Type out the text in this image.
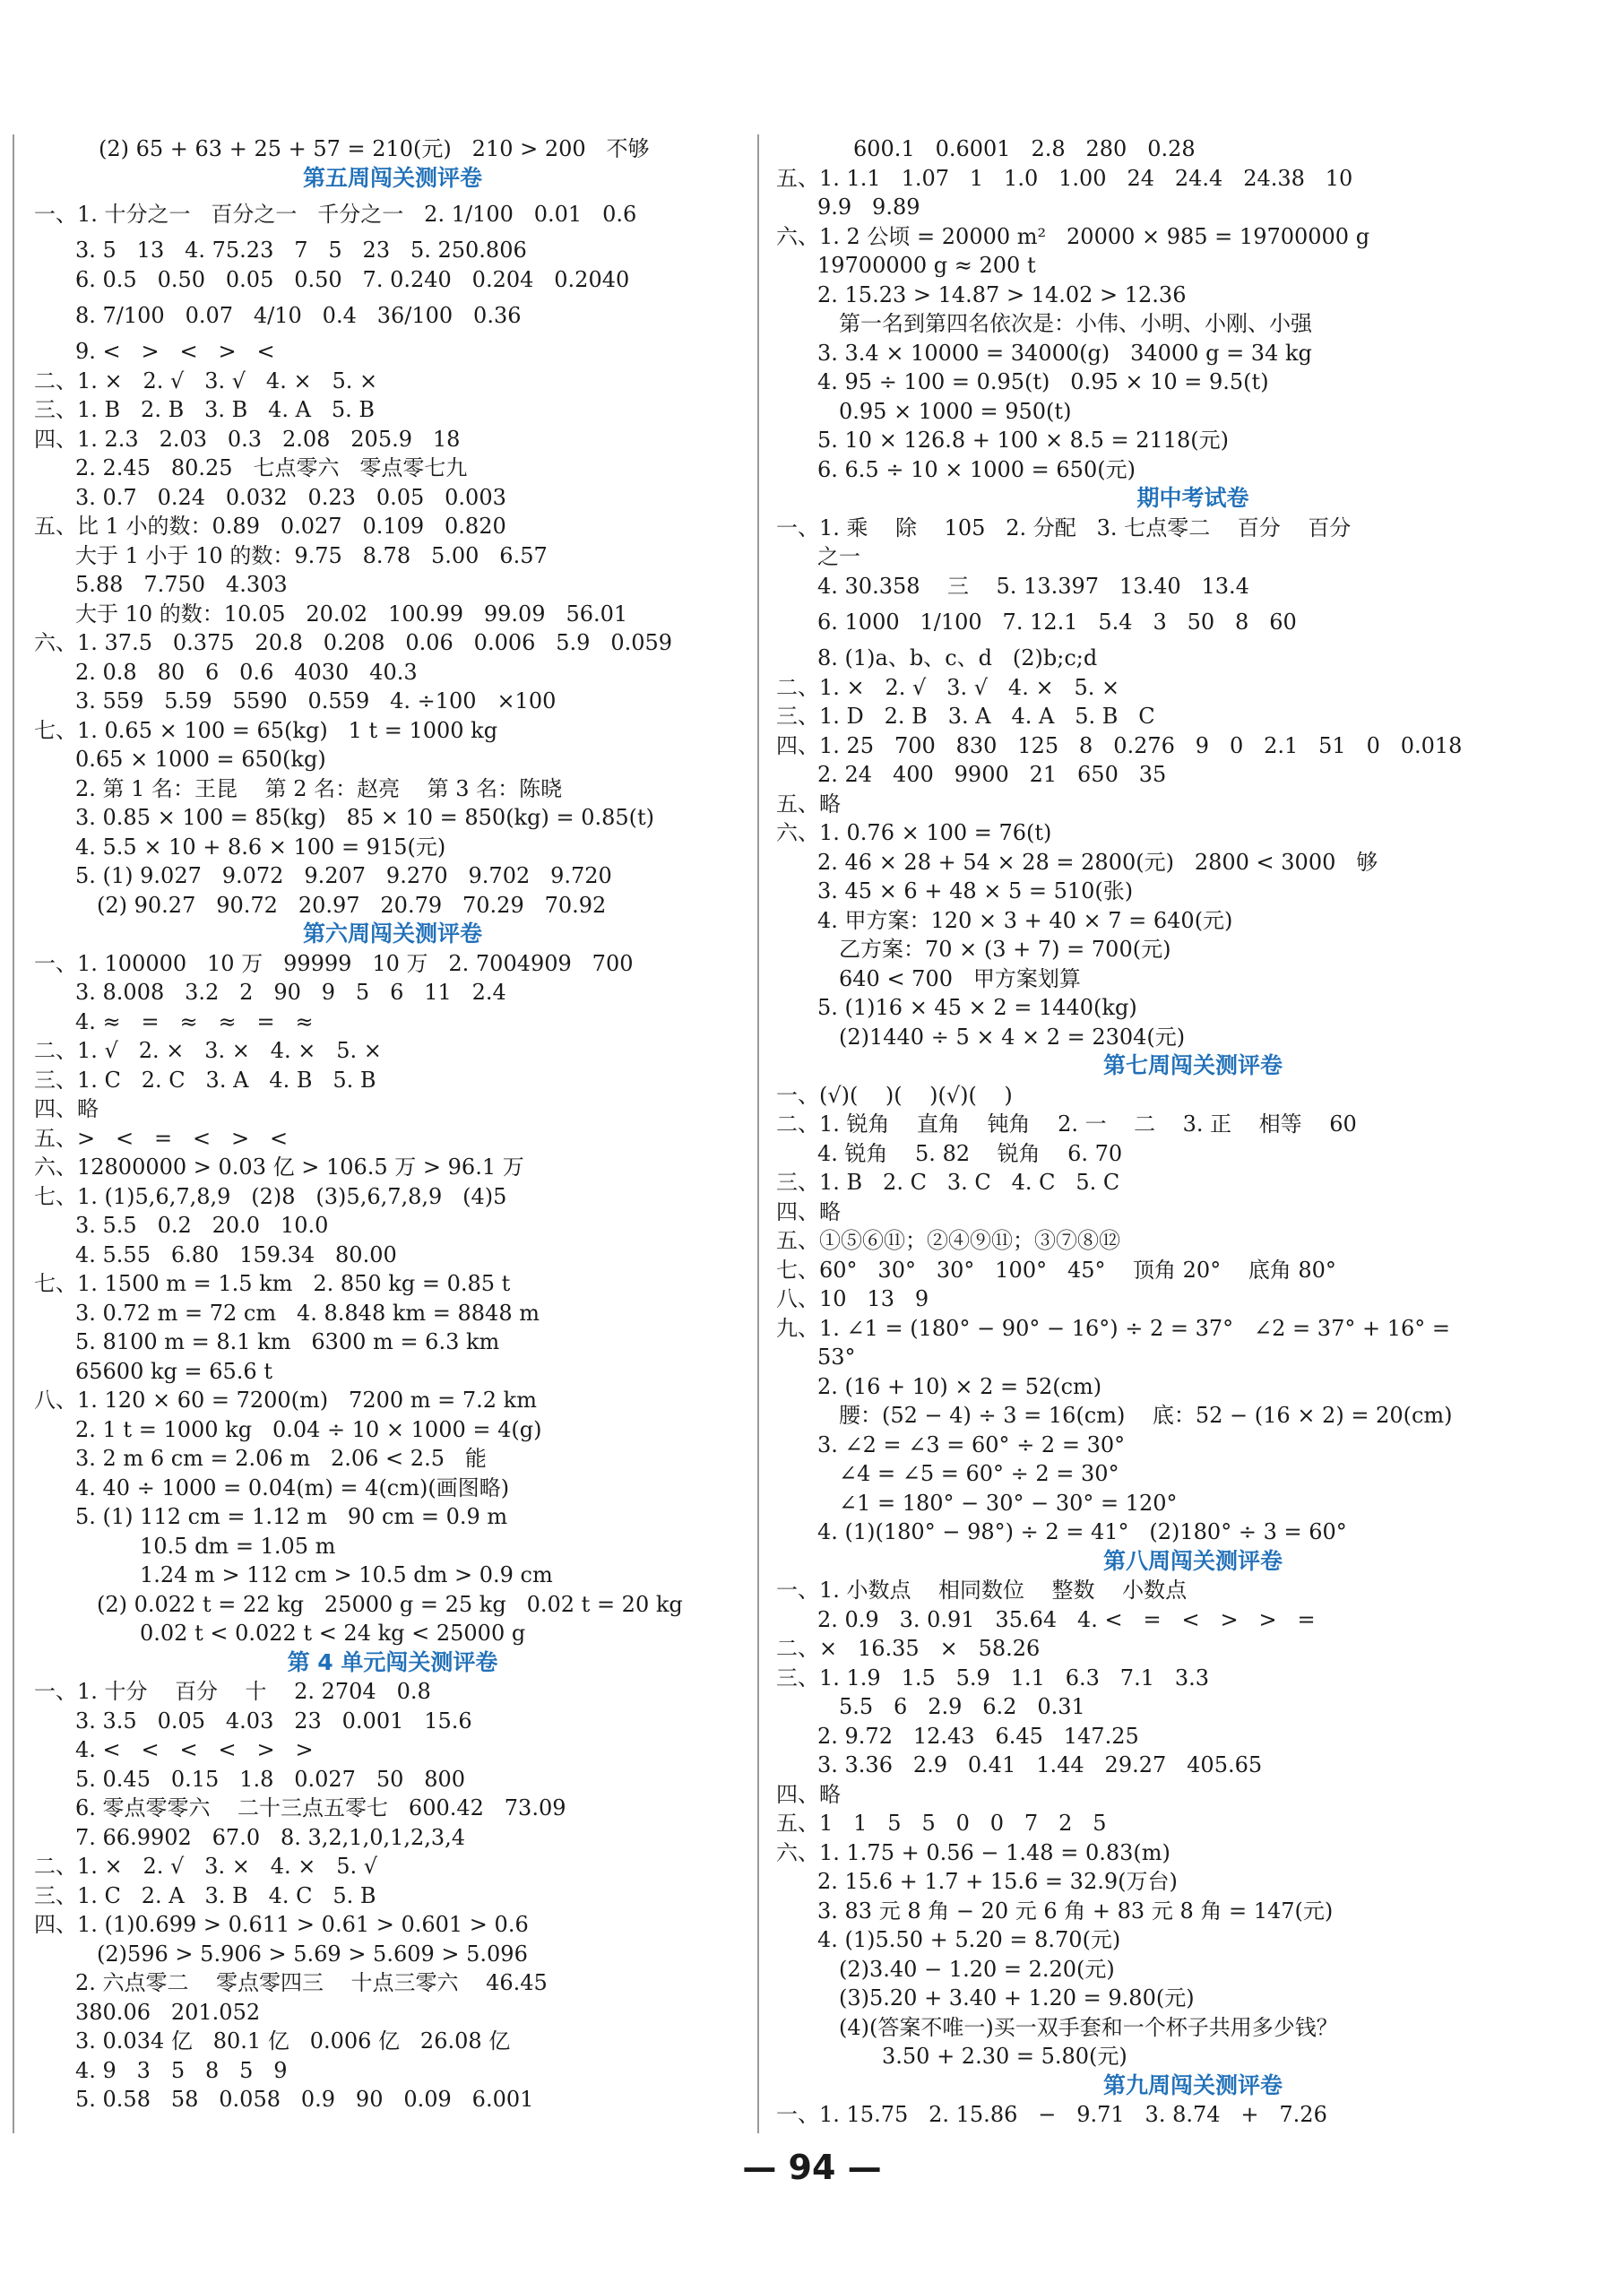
(2) 65 + 63 + 25 + 57 = 210(元)   210 > 200   不够
第五周闯关测评卷
一、1. 十分之一   百分之一   千分之一   2. 1/100   0.01   0.6
3. 5   13   4. 75.23   7   5   23   5. 250.806
6. 0.5   0.50   0.05   0.50   7. 0.240   0.204   0.2040
8. 7/100   0.07   4/10   0.4   36/100   0.36
9. <   >   <   >   <
二、1. ×   2. √   3. √   4. ×   5. ×
三、1. B   2. B   3. B   4. A   5. B
四、1. 2.3   2.03   0.3   2.08   205.9   18
2. 2.45   80.25   七点零六   零点零七九
3. 0.7   0.24   0.032   0.23   0.05   0.003
五、比 1 小的数：0.89   0.027   0.109   0.820
大于 1 小于 10 的数：9.75   8.78   5.00   6.57
5.88   7.750   4.303
大于 10 的数：10.05   20.02   100.99   99.09   56.01
六、1. 37.5   0.375   20.8   0.208   0.06   0.006   5.9   0.059
2. 0.8   80   6   0.6   4030   40.3
3. 559   5.59   5590   0.559   4. ÷100   ×100
七、1. 0.65 × 100 = 65(kg)   1 t = 1000 kg
0.65 × 1000 = 650(kg)
2. 第 1 名：王昆    第 2 名：赵亮    第 3 名：陈晓
3. 0.85 × 100 = 85(kg)   85 × 10 = 850(kg) = 0.85(t)
4. 5.5 × 10 + 8.6 × 100 = 915(元)
5. (1) 9.027   9.072   9.207   9.270   9.702   9.720
(2) 90.27   90.72   20.97   20.79   70.29   70.92
第六周闯关测评卷
一、1. 100000   10 万   99999   10 万   2. 7004909   700
3. 8.008   3.2   2   90   9   5   6   11   2.4
4. ≈   =   ≈   ≈   =   ≈
二、1. √   2. ×   3. ×   4. ×   5. ×
三、1. C   2. C   3. A   4. B   5. B
四、略
五、>   <   =   <   >   <
六、12800000 > 0.03 亿 > 106.5 万 > 96.1 万
七、1. (1)5,6,7,8,9   (2)8   (3)5,6,7,8,9   (4)5
3. 5.5   0.2   20.0   10.0
4. 5.55   6.80   159.34   80.00
七、1. 1500 m = 1.5 km   2. 850 kg = 0.85 t
3. 0.72 m = 72 cm   4. 8.848 km = 8848 m
5. 8100 m = 8.1 km   6300 m = 6.3 km
65600 kg = 65.6 t
八、1. 120 × 60 = 7200(m)   7200 m = 7.2 km
2. 1 t = 1000 kg   0.04 ÷ 10 × 1000 = 4(g)
3. 2 m 6 cm = 2.06 m   2.06 < 2.5   能
4. 40 ÷ 1000 = 0.04(m) = 4(cm)(画图略)
5. (1) 112 cm = 1.12 m   90 cm = 0.9 m
10.5 dm = 1.05 m
1.24 m > 112 cm > 10.5 dm > 0.9 cm
(2) 0.022 t = 22 kg   25000 g = 25 kg   0.02 t = 20 kg
0.02 t < 0.022 t < 24 kg < 25000 g
第 4 单元闯关测评卷
一、1. 十分    百分    十    2. 2704   0.8
3. 3.5   0.05   4.03   23   0.001   15.6
4. <   <   <   <   >   >
5. 0.45   0.15   1.8   0.027   50   800
6. 零点零零六    二十三点五零七   600.42   73.09
7. 66.9902   67.0   8. 3,2,1,0,1,2,3,4
二、1. ×   2. √   3. ×   4. ×   5. √
三、1. C   2. A   3. B   4. C   5. B
四、1. (1)0.699 > 0.611 > 0.61 > 0.601 > 0.6
(2)596 > 5.906 > 5.69 > 5.609 > 5.096
2. 六点零二    零点零四三    十点三零六    46.45
380.06   201.052
3. 0.034 亿   80.1 亿   0.006 亿   26.08 亿
4. 9   3   5   8   5   9
5. 0.58   58   0.058   0.9   90   0.09   6.001
600.1   0.6001   2.8   280   0.28
五、1. 1.1   1.07   1   1.0   1.00   24   24.4   24.38   10
9.9   9.89
六、1. 2 公顷 = 20000 m²   20000 × 985 = 19700000 g
19700000 g ≈ 200 t
2. 15.23 > 14.87 > 14.02 > 12.36
第一名到第四名依次是：小伟、小明、小刚、小强
3. 3.4 × 10000 = 34000(g)   34000 g = 34 kg
4. 95 ÷ 100 = 0.95(t)   0.95 × 10 = 9.5(t)
0.95 × 1000 = 950(t)
5. 10 × 126.8 + 100 × 8.5 = 2118(元)
6. 6.5 ÷ 10 × 1000 = 650(元)
期中考试卷
一、1. 乘    除    105   2. 分配   3. 七点零二    百分    百分
之一
4. 30.358    三    5. 13.397   13.40   13.4
6. 1000   1/100   7. 12.1   5.4   3   50   8   60
8. (1)a、b、c、d   (2)b;c;d
二、1. ×   2. √   3. √   4. ×   5. ×
三、1. D   2. B   3. A   4. A   5. B   C
四、1. 25   700   830   125   8   0.276   9   0   2.1   51   0   0.018
2. 24   400   9900   21   650   35
五、略
六、1. 0.76 × 100 = 76(t)
2. 46 × 28 + 54 × 28 = 2800(元)   2800 < 3000   够
3. 45 × 6 + 48 × 5 = 510(张)
4. 甲方案：120 × 3 + 40 × 7 = 640(元)
乙方案：70 × (3 + 7) = 700(元)
640 < 700   甲方案划算
5. (1)16 × 45 × 2 = 1440(kg)
(2)1440 ÷ 5 × 4 × 2 = 2304(元)
第七周闯关测评卷
一、(√)(    )(    )(√)(    )
二、1. 锐角    直角    钝角    2. 一    二    3. 正    相等    60
4. 锐角    5. 82    锐角    6. 70
三、1. B   2. C   3. C   4. C   5. C
四、略
五、①⑤⑥⑪；②④⑨⑪；③⑦⑧⑫
七、60°   30°   30°   100°   45°    顶角 20°    底角 80°
八、10   13   9
九、1. ∠1 = (180° − 90° − 16°) ÷ 2 = 37°   ∠2 = 37° + 16° =
53°
2. (16 + 10) × 2 = 52(cm)
腰：(52 − 4) ÷ 3 = 16(cm)    底：52 − (16 × 2) = 20(cm)
3. ∠2 = ∠3 = 60° ÷ 2 = 30°
∠4 = ∠5 = 60° ÷ 2 = 30°
∠1 = 180° − 30° − 30° = 120°
4. (1)(180° − 98°) ÷ 2 = 41°   (2)180° ÷ 3 = 60°
第八周闯关测评卷
一、1. 小数点    相同数位    整数    小数点
2. 0.9   3. 0.91   35.64   4. <   =   <   >   >   =
二、×   16.35   ×   58.26
三、1. 1.9   1.5   5.9   1.1   6.3   7.1   3.3
5.5   6   2.9   6.2   0.31
2. 9.72   12.43   6.45   147.25
3. 3.36   2.9   0.41   1.44   29.27   405.65
四、略
五、1   1   5   5   0   0   7   2   5
六、1. 1.75 + 0.56 − 1.48 = 0.83(m)
2. 15.6 + 1.7 + 15.6 = 32.9(万台)
3. 83 元 8 角 − 20 元 6 角 + 83 元 8 角 = 147(元)
4. (1)5.50 + 5.20 = 8.70(元)
(2)3.40 − 1.20 = 2.20(元)
(3)5.20 + 3.40 + 1.20 = 9.80(元)
(4)(答案不唯一)买一双手套和一个杯子共用多少钱？
3.50 + 2.30 = 5.80(元)
第九周闯关测评卷
一、1. 15.75   2. 15.86   −   9.71   3. 8.74   +   7.26
— 94 —
